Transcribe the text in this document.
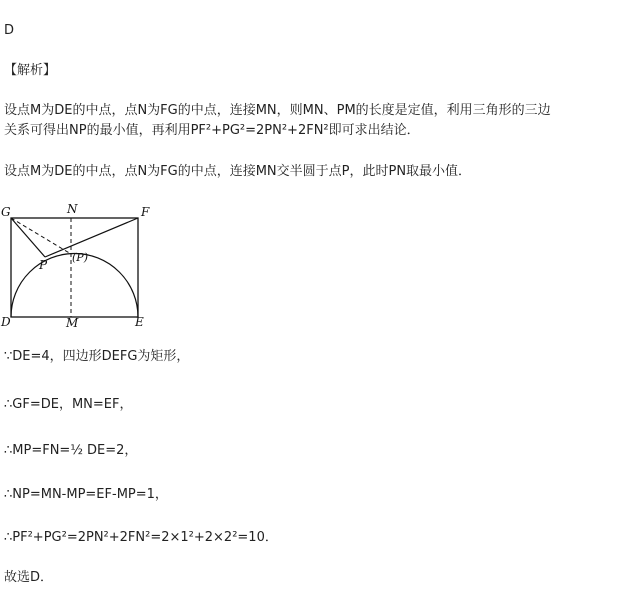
D
【解析】
设点M为DE的中点，点N为FG的中点，连接MN，则MN、PM的长度是定值，利用三角形的三边
关系可得出NP的最小值，再利用PF²+PG²=2PN²+2FN²即可求出结论．
设点M为DE的中点，点N为FG的中点，连接MN交半圆于点P，此时PN取最小值．
G	N	F
P
(P)
D	M	E
∵DE=4，四边形DEFG为矩形，
∴GF=DE，MN=EF，
∴MP=FN=½ DE=2，
∴NP=MN-MP=EF-MP=1，
∴PF²+PG²=2PN²+2FN²=2×1²+2×2²=10．
故选D．
